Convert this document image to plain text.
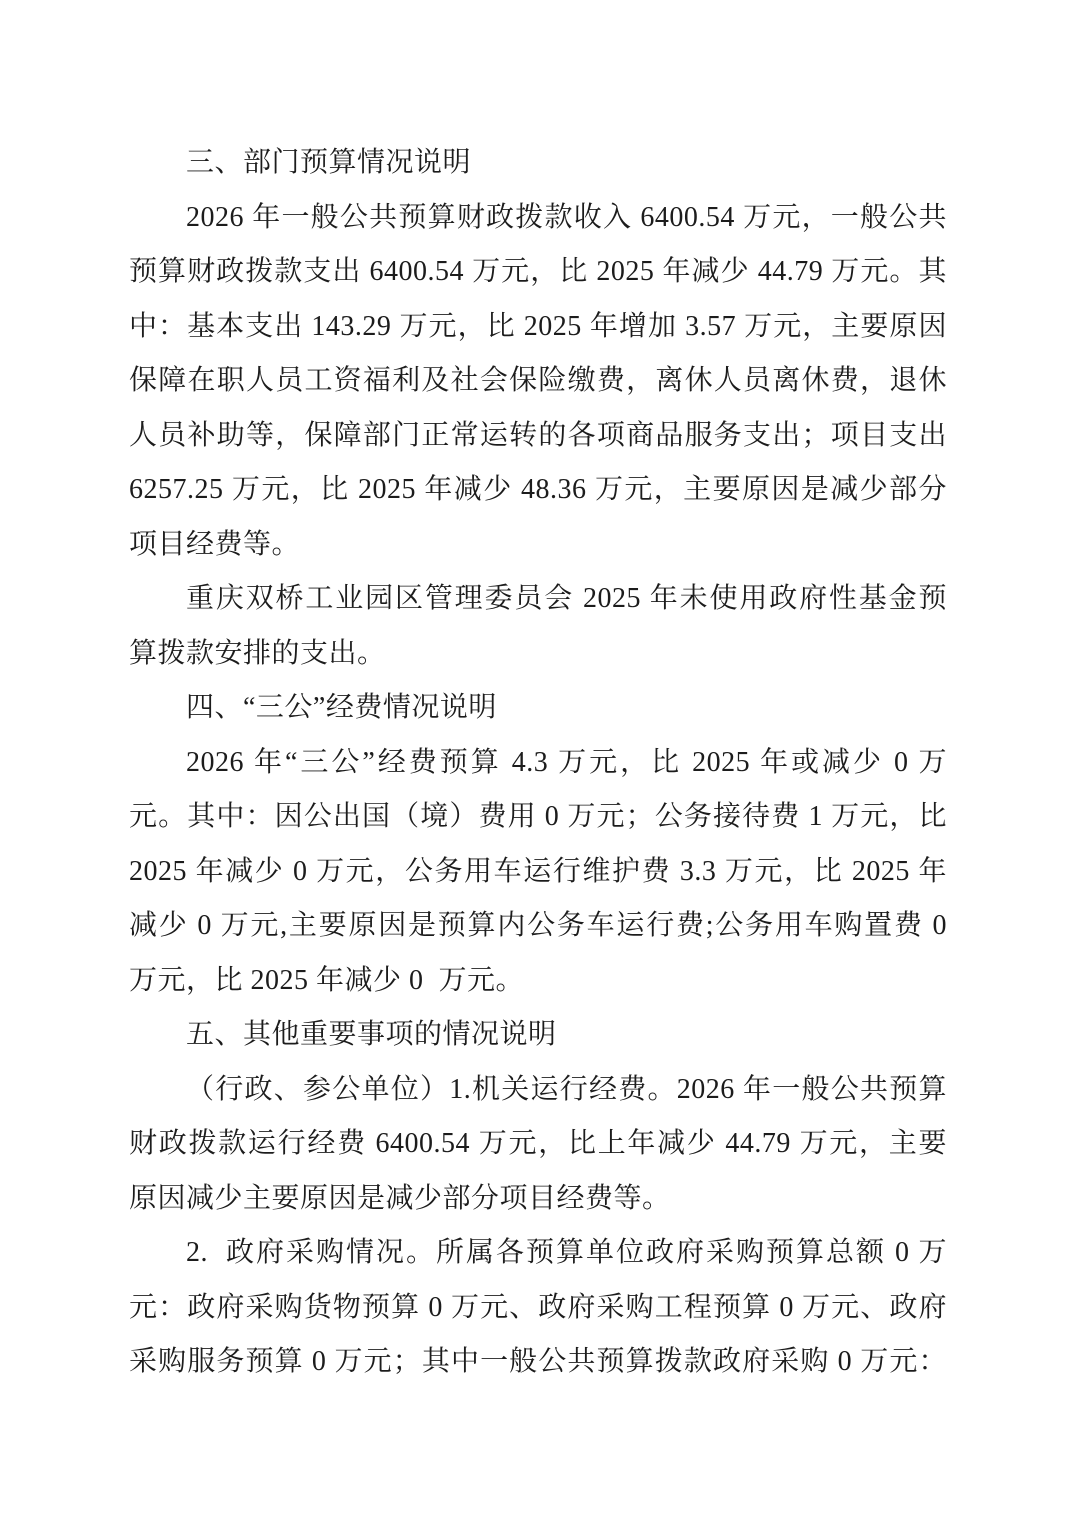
三、部门预算情况说明
2026 年一般公共预算财政拨款收入 6400.54 万元，一般公共
预算财政拨款支出 6400.54 万元，比 2025 年减少 44.79 万元。其
中：基本支出 143.29 万元，比 2025 年增加 3.57 万元，主要原因
保障在职人员工资福利及社会保险缴费，离休人员离休费，退休
人员补助等，保障部门正常运转的各项商品服务支出；项目支出
6257.25 万元，比 2025 年减少 48.36 万元，主要原因是减少部分
项目经费等。
重庆双桥工业园区管理委员会 2025 年未使用政府性基金预
算拨款安排的支出。
四、“三公”经费情况说明
2026 年“三公”经费预算 4.3 万元，比 2025 年或减少 0 万
元。其中：因公出国（境）费用 0 万元；公务接待费 1 万元，比
2025 年减少 0 万元，公务用车运行维护费 3.3 万元，比 2025 年
减少 0 万元,主要原因是预算内公务车运行费;公务用车购置费 0
万元，比 2025 年减少 0  万元。
五、其他重要事项的情况说明
（行政、参公单位）1.机关运行经费。2026 年一般公共预算
财政拨款运行经费 6400.54 万元，比上年减少 44.79 万元，主要
原因减少主要原因是减少部分项目经费等。
2.  政府采购情况。所属各预算单位政府采购预算总额 0 万
元：政府采购货物预算 0 万元、政府采购工程预算 0 万元、政府
采购服务预算 0 万元；其中一般公共预算拨款政府采购 0 万元：
